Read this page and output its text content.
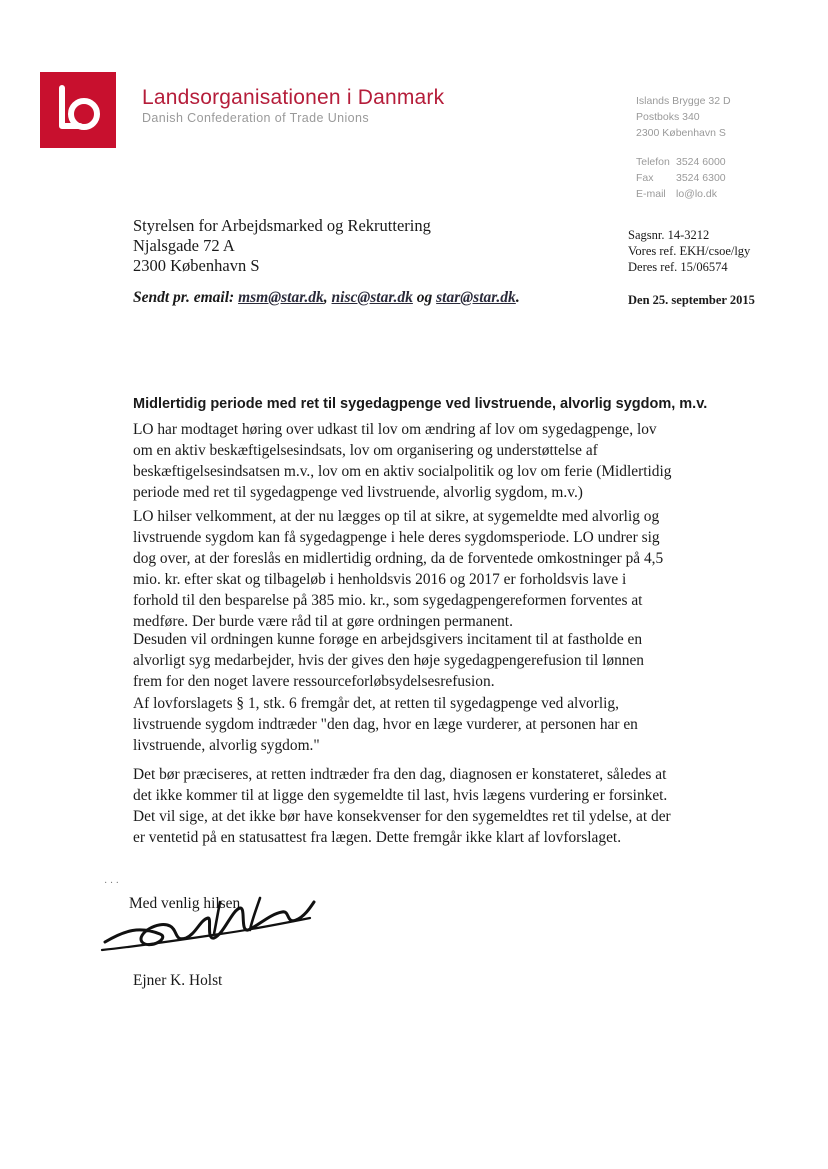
Landsorganisationen i Danmark
Danish Confederation of Trade Unions
Islands Brygge 32 D
Postboks 340
2300 København S
Telefon 3524 6000
Fax 3524 6300
E-mail lo@lo.dk
Styrelsen for Arbejdsmarked og Rekruttering
Njalsgade 72 A
2300 København S
Sagsnr. 14-3212
Vores ref. EKH/csoe/lgy
Deres ref. 15/06574
Den 25. september 2015
Sendt pr. email: msm@star.dk, nisc@star.dk og star@star.dk.
Midlertidig periode med ret til sygedagpenge ved livstruende, alvorlig sygdom, m.v.
LO har modtaget høring over udkast til lov om ændring af lov om sygedagpenge, lov om en aktiv beskæftigelsesindsats, lov om organisering og understøttelse af beskæftigelsesindsatsen m.v., lov om en aktiv socialpolitik og lov om ferie (Midlertidig periode med ret til sygedagpenge ved livstruende, alvorlig sygdom, m.v.)
LO hilser velkomment, at der nu lægges op til at sikre, at sygemeldte med alvorlig og livstruende sygdom kan få sygedagpenge i hele deres sygdomsperiode. LO undrer sig dog over, at der foreslås en midlertidig ordning, da de forventede omkostninger på 4,5 mio. kr. efter skat og tilbageløb i henholdsvis 2016 og 2017 er forholdsvis lave i forhold til den besparelse på 385 mio. kr., som sygedagpengereformen forventes at medføre. Der burde være råd til at gøre ordningen permanent.
Desuden vil ordningen kunne forøge en arbejdsgivers incitament til at fastholde en alvorligt syg medarbejder, hvis der gives den høje sygedagpengerefusion til lønnen frem for den noget lavere ressourceforløbsydelsesrefusion.
Af lovforslagets § 1, stk. 6 fremgår det, at retten til sygedagpenge ved alvorlig, livstruende sygdom indtræder "den dag, hvor en læge vurderer, at personen har en livstruende, alvorlig sygdom."
Det bør præciseres, at retten indtræder fra den dag, diagnosen er konstateret, således at det ikke kommer til at ligge den sygemeldte til last, hvis lægens vurdering er forsinket. Det vil sige, at det ikke bør have konsekvenser for den sygemeldtes ret til ydelse, at der er ventetid på en statusattest fra lægen. Dette fremgår ikke klart af lovforslaget.
· · ·
Med venlig hilsen
Ejner K. Holst
